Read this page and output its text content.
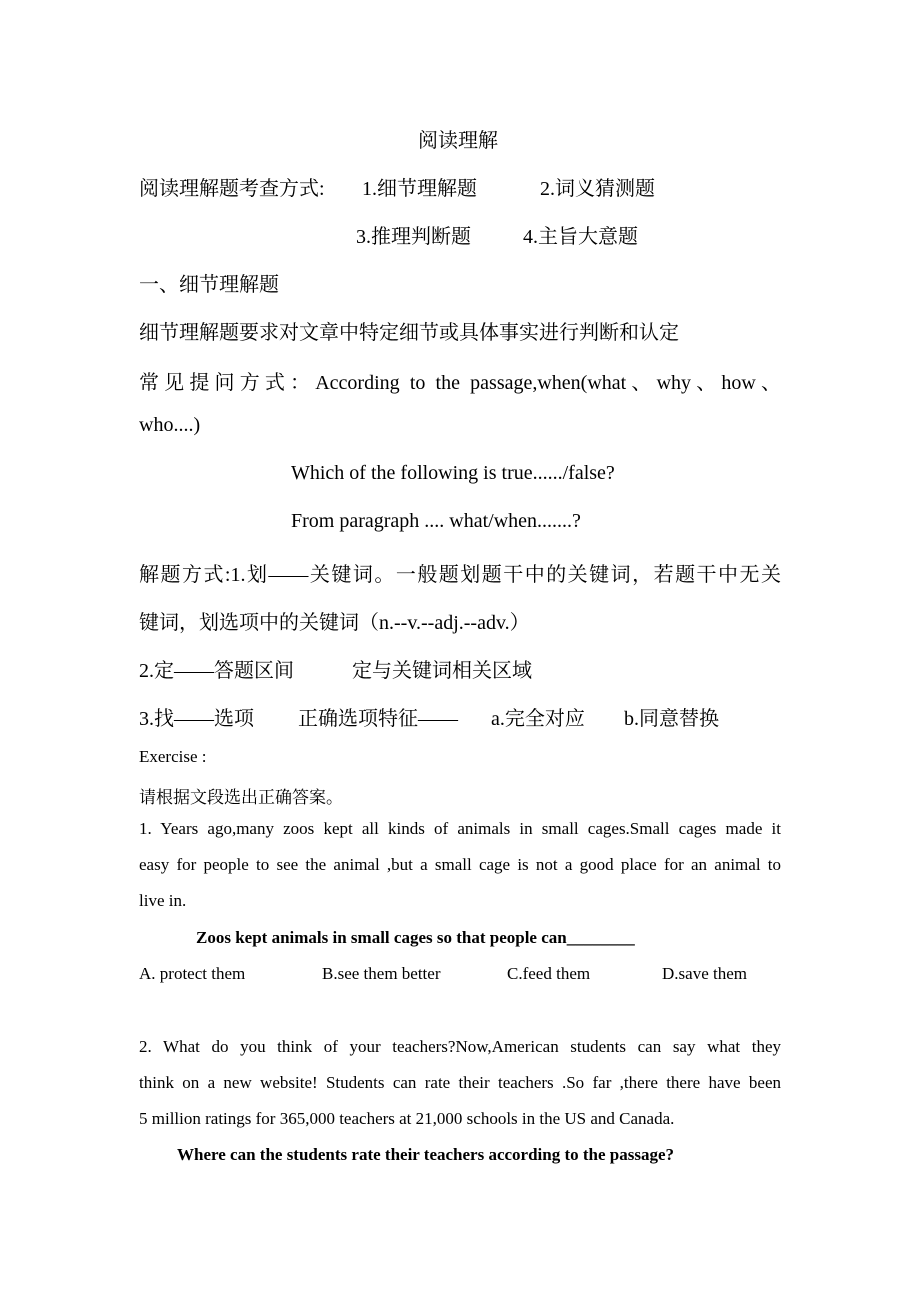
阅读理解
阅读理解题考查方式: 1.细节理解题	2.词义猜测题
3.推理判断题	4.主旨大意题
一、细节理解题
细节理解题要求对文章中特定细节或具体事实进行判断和认定
常见提问方式：According to the passage,when(what、why、how、
who....)
Which of the following is true....../false?
From paragraph .... what/when.......?
解题方式:1.划——关键词。一般题划题干中的关键词，若题干中无关
键词，划选项中的关键词（n.--v.--adj.--adv.）
2.定——答题区间	定与关键词相关区域
3.找——选项 正确选项特征—— a.完全对应 b.同意替换
Exercise :
请根据文段选出正确答案。
1. Years ago,many zoos kept all kinds of animals in small cages.Small cages made it
easy for people to see the animal ,but a small cage is not a good place for an animal to
live in.
Zoos kept animals in small cages so that people can________
A. protect them	B.see them better	C.feed them	D.save them
2. What do you think of your teachers?Now,American students can say what they
think on a new website! Students can rate their teachers .So far ,there there have been
5 million ratings for 365,000 teachers at 21,000 schools in the US and Canada.
Where can the students rate their teachers according to the passage?
